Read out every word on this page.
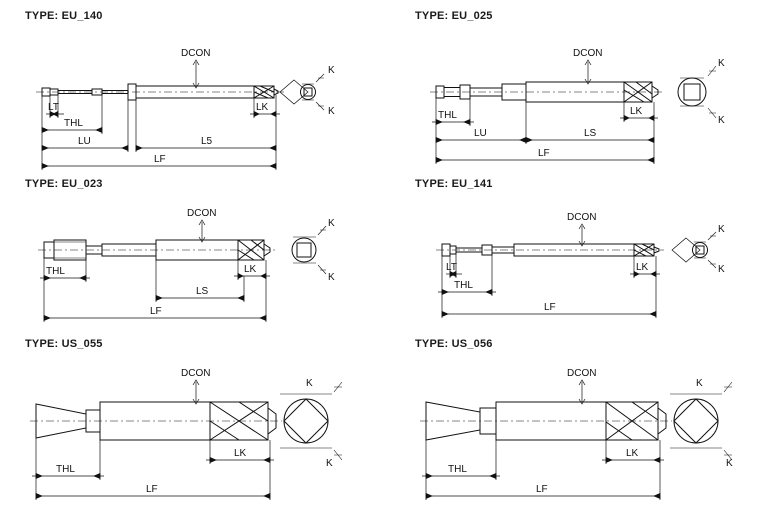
TYPE: EU_140
K
K
DCON
LT	LK
THL
LU	L5
LF
TYPE: EU_025
K
K
DCON
LK
THL
LU	LS
LF
TYPE: EU_023
K
K
DCON
LK
THL
LS
LF
TYPE: EU_141
K
K
DCON
LT	LK
THL
LF
TYPE: US_055
K
K
DCON
LK
THL
LF
TYPE: US_056
K
K
DCON
LK
THL
LF
